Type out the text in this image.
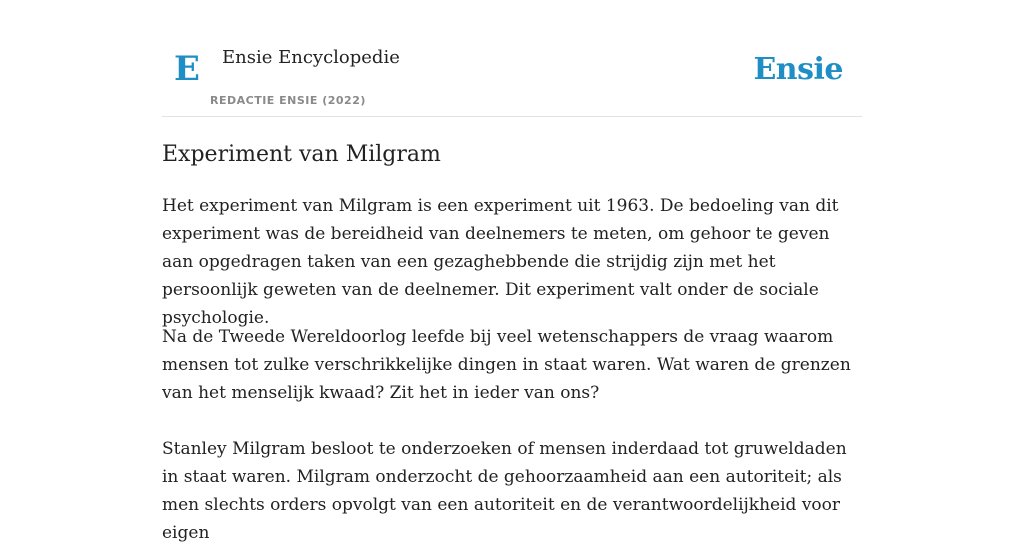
E Ensie Encyclopedie
REDACTIE ENSIE (2022)
Ensie
Experiment van Milgram

Het experiment van Milgram is een experiment uit 1963. De bedoeling van dit experiment was de bereidheid van deelnemers te meten, om gehoor te geven aan opgedragen taken van een gezaghebbende die strijdig zijn met het persoonlijk geweten van de deelnemer. Dit experiment valt onder de sociale psychologie.

Na de Tweede Wereldoorlog leefde bij veel wetenschappers de vraag waarom mensen tot zulke verschrikkelijke dingen in staat waren. Wat waren de grenzen van het menselijk kwaad? Zit het in ieder van ons?

Stanley Milgram besloot te onderzoeken of mensen inderdaad tot gruweldaden in staat waren. Milgram onderzocht de gehoorzaamheid aan een autoriteit; als men slechts orders opvolgt van een autoriteit en de verantwoordelijkheid voor eigen
